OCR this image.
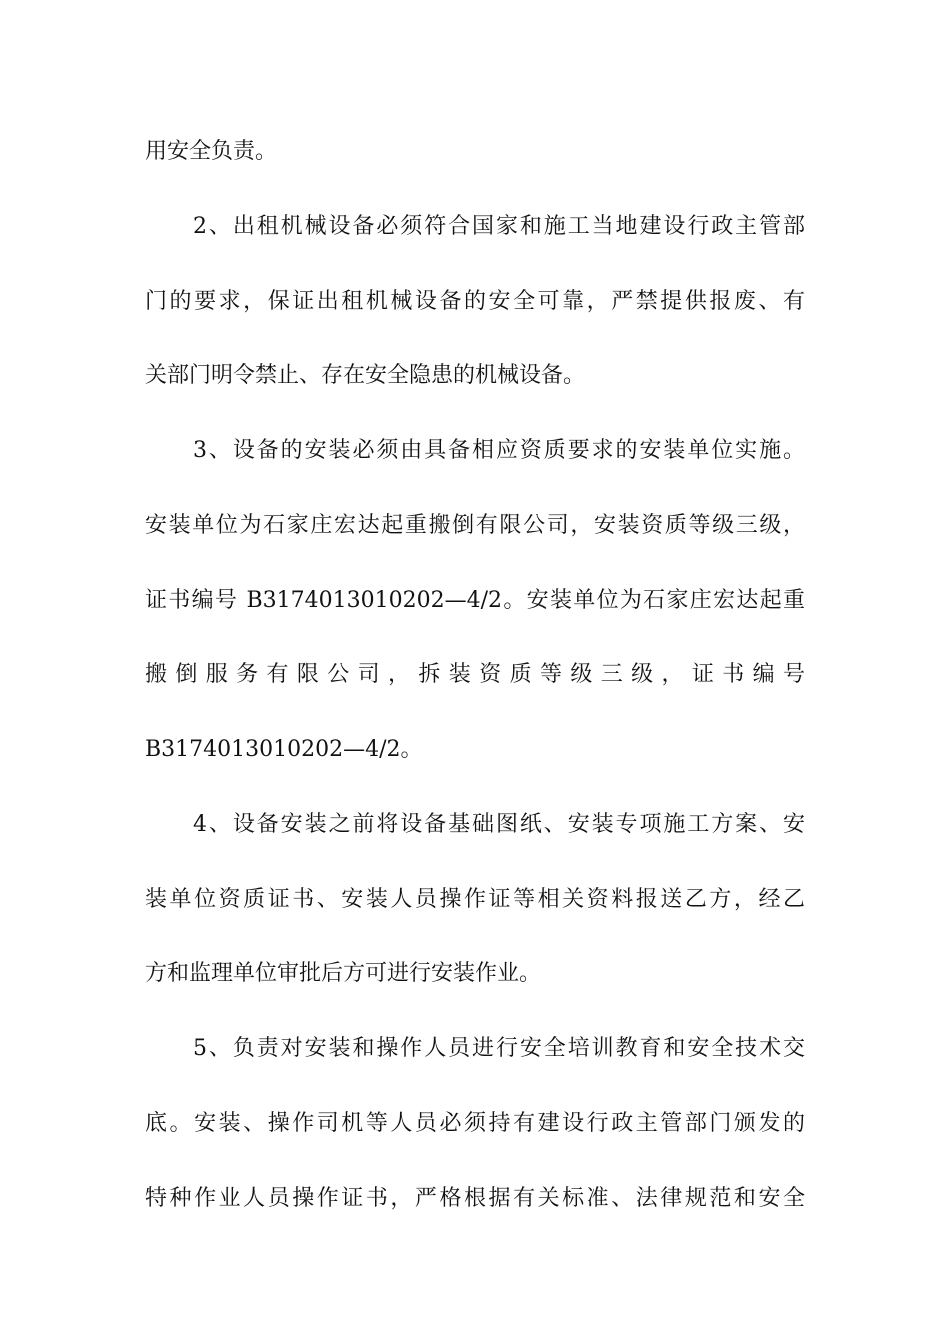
用安全负责。
2、出租机械设备必须符合国家和施工当地建设行政主管部
门的要求，保证出租机械设备的安全可靠，严禁提供报废、有
关部门明令禁止、存在安全隐患的机械设备。
3、设备的安装必须由具备相应资质要求的安装单位实施。
安装单位为石家庄宏达起重搬倒有限公司，安装资质等级三级，
证书编号 B3174013010202—4/2。安装单位为石家庄宏达起重
搬 倒 服 务 有 限 公 司 ， 拆 装 资 质 等 级 三 级 ， 证 书 编 号
B3174013010202—4/2。
4、设备安装之前将设备基础图纸、安装专项施工方案、安
装单位资质证书、安装人员操作证等相关资料报送乙方，经乙
方和监理单位审批后方可进行安装作业。
5、负责对安装和操作人员进行安全培训教育和安全技术交
底。安装、操作司机等人员必须持有建设行政主管部门颁发的
特种作业人员操作证书，严格根据有关标准、法律规范和安全
